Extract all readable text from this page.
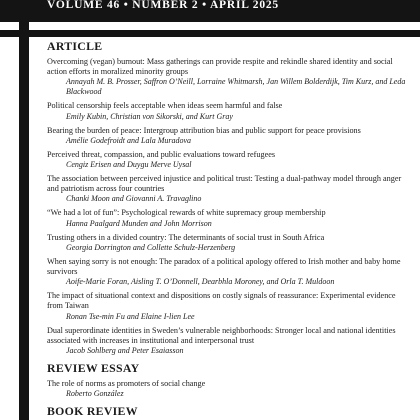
VOLUME 46 • NUMBER 2 • APRIL 2025
ARTICLE
Overcoming (vegan) burnout: Mass gatherings can provide respite and rekindle shared identity and social action efforts in moralized minority groups
Annayah M. B. Prosser, Saffron O’Neill, Lorraine Whitmarsh, Jan Willem Bolderdijk, Tim Kurz, and Leda Blackwood
Political censorship feels acceptable when ideas seem harmful and false
Emily Kubin, Christian von Sikorski, and Kurt Gray
Bearing the burden of peace: Intergroup attribution bias and public support for peace provisions
Amélie Godefroidt and Lala Muradova
Perceived threat, compassion, and public evaluations toward refugees
Cengiz Erisen and Duygu Merve Uysal
The association between perceived injustice and political trust: Testing a dual-pathway model through anger and patriotism across four countries
Chanki Moon and Giovanni A. Travaglino
“We had a lot of fun”: Psychological rewards of white supremacy group membership
Hanna Paalgard Munden and John Morrison
Trusting others in a divided country: The determinants of social trust in South Africa
Georgia Dorrington and Collette Schulz-Herzenberg
When saying sorry is not enough: The paradox of a political apology offered to Irish mother and baby home survivors
Aoife-Marie Foran, Aisling T. O’Donnell, Dearbhla Moroney, and Orla T. Muldoon
The impact of situational context and dispositions on costly signals of reassurance: Experimental evidence from Taiwan
Ronan Tse-min Fu and Elaine I-lien Lee
Dual superordinate identities in Sweden’s vulnerable neighborhoods: Stronger local and national identities associated with increases in institutional and interpersonal trust
Jacob Sohlberg and Peter Esaiasson
REVIEW ESSAY
The role of norms as promoters of social change
Roberto González
BOOK REVIEW
